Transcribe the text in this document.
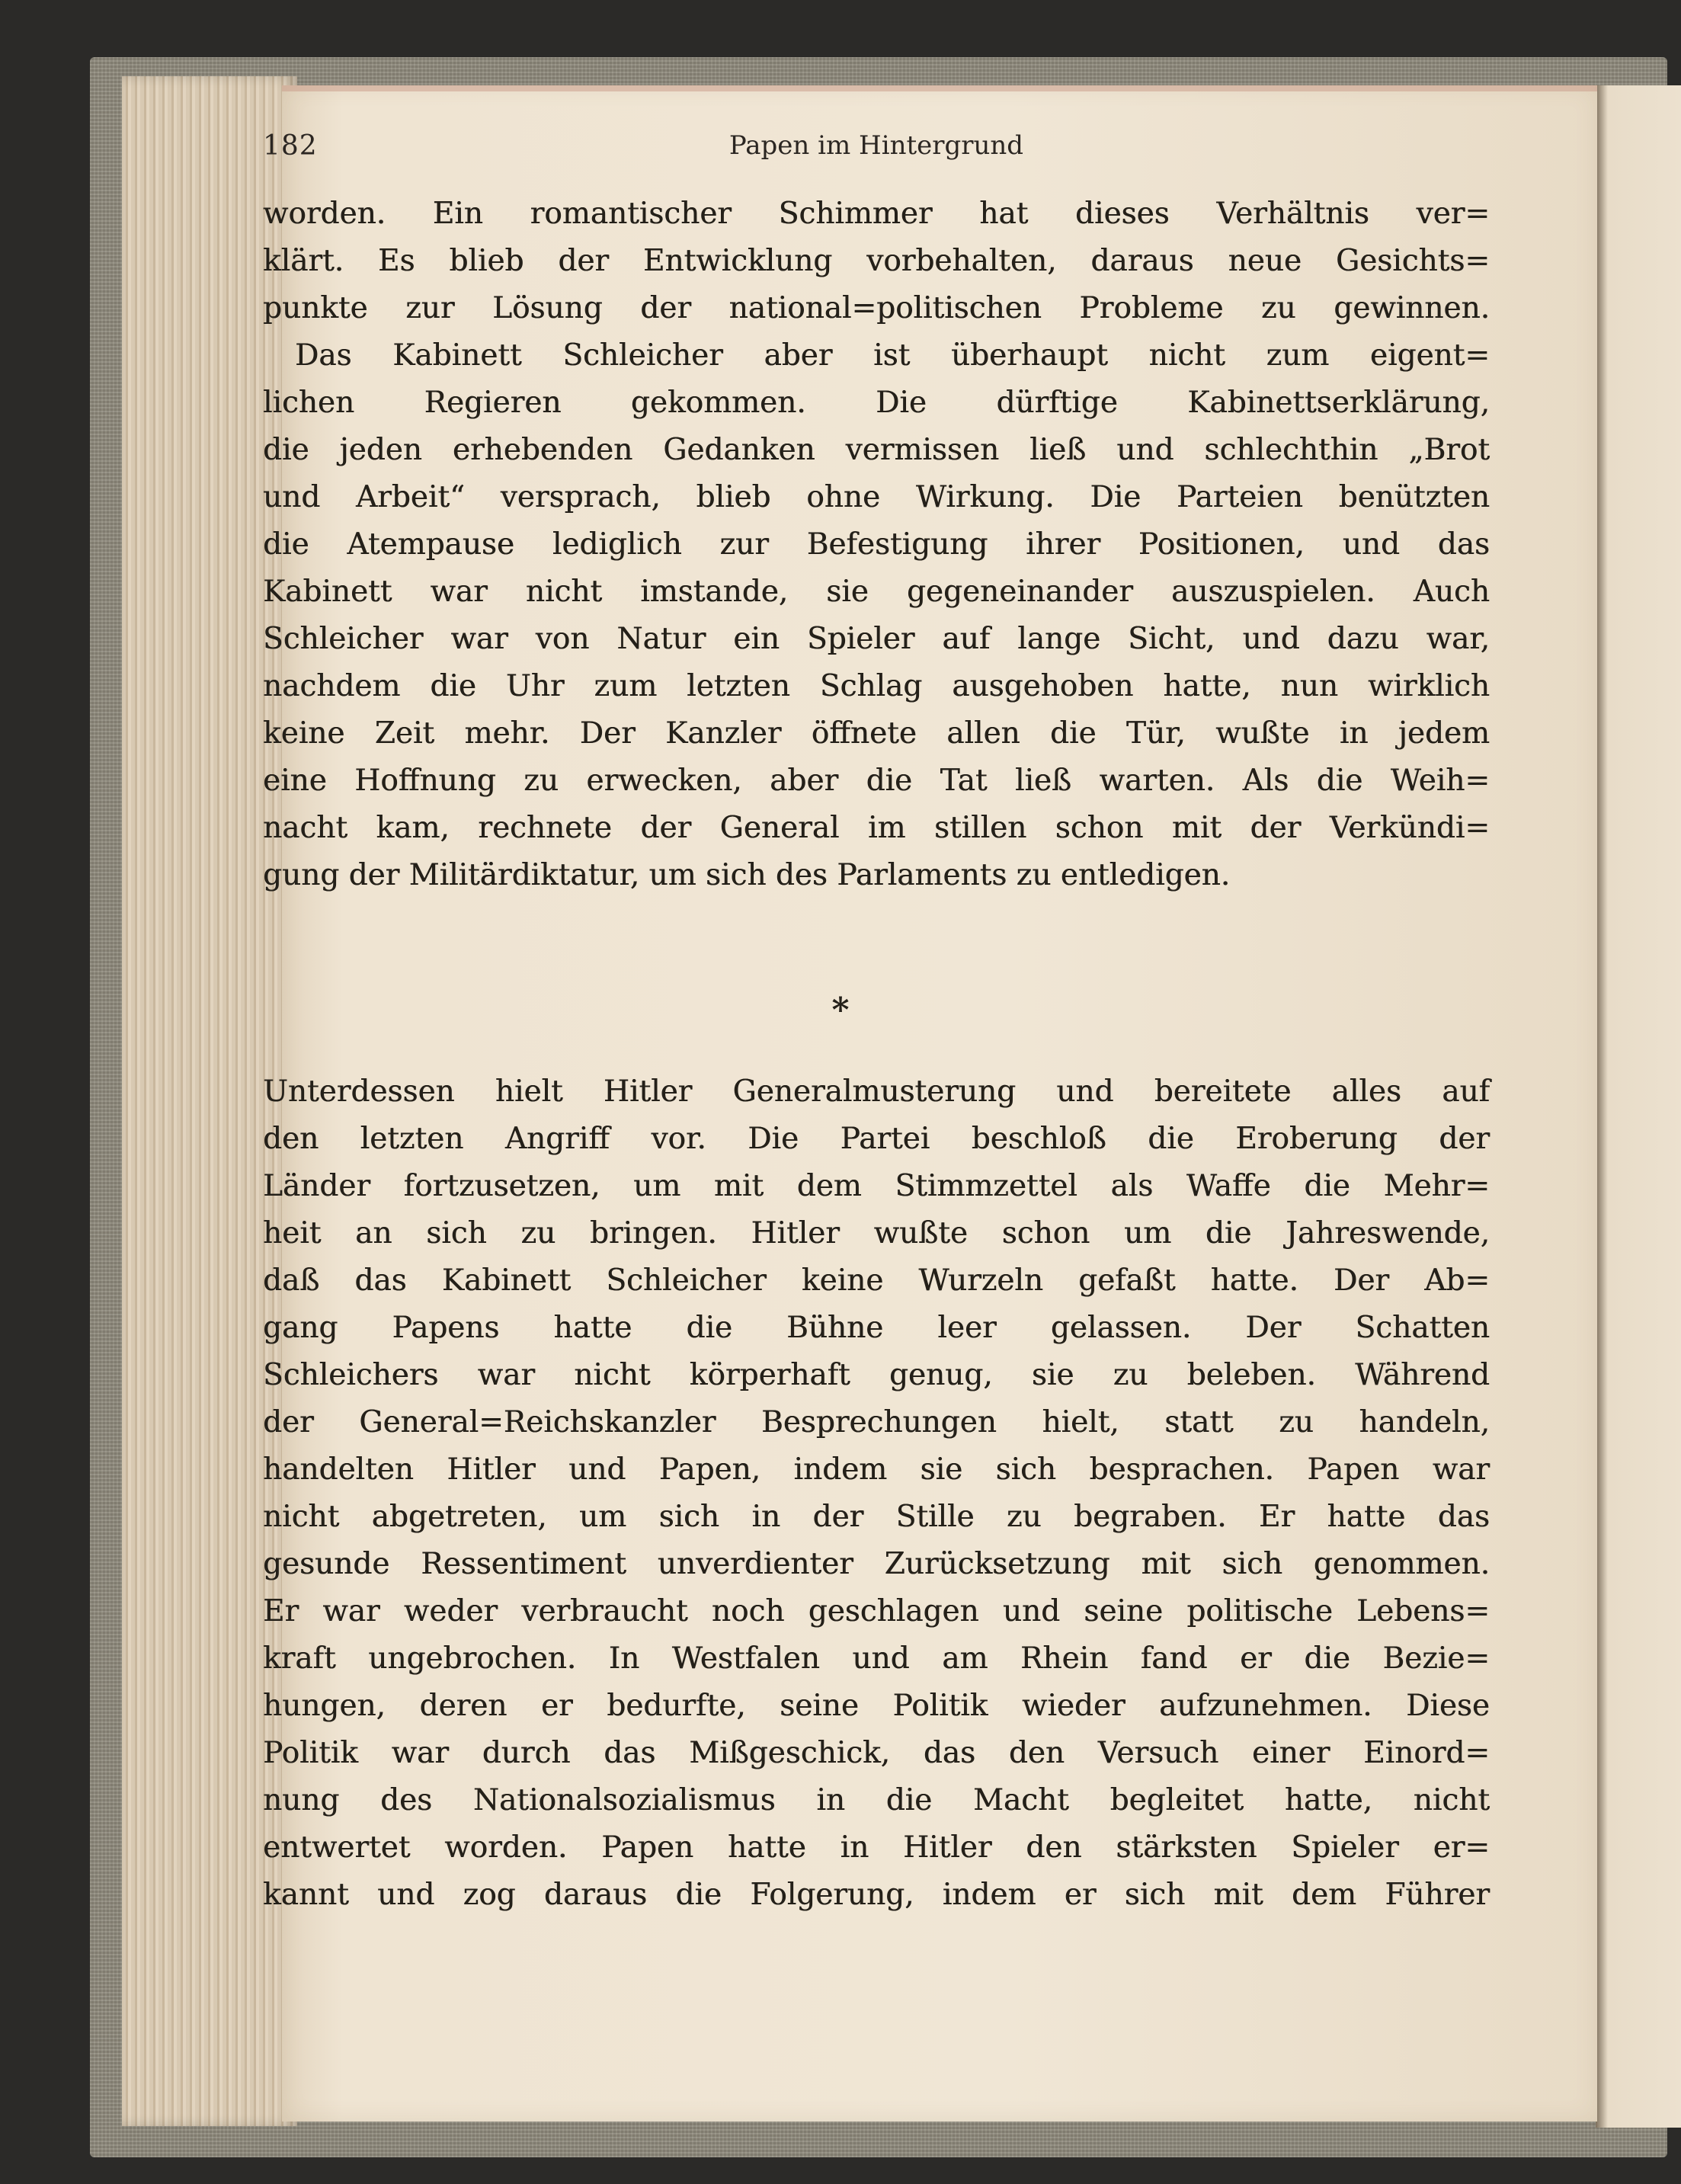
182	Papen im Hintergrund
worden. Ein romantischer Schimmer hat dieses Verhältnis ver=
klärt. Es blieb der Entwicklung vorbehalten, daraus neue Gesichts=
punkte zur Lösung der national=politischen Probleme zu gewinnen.
Das Kabinett Schleicher aber ist überhaupt nicht zum eigent=
lichen Regieren gekommen. Die dürftige Kabinettserklärung,
die jeden erhebenden Gedanken vermissen ließ und schlechthin „Brot
und Arbeit“ versprach, blieb ohne Wirkung. Die Parteien benützten
die Atempause lediglich zur Befestigung ihrer Positionen, und das
Kabinett war nicht imstande, sie gegeneinander auszuspielen. Auch
Schleicher war von Natur ein Spieler auf lange Sicht, und dazu war,
nachdem die Uhr zum letzten Schlag ausgehoben hatte, nun wirklich
keine Zeit mehr. Der Kanzler öffnete allen die Tür, wußte in jedem
eine Hoffnung zu erwecken, aber die Tat ließ warten. Als die Weih=
nacht kam, rechnete der General im stillen schon mit der Verkündi=
gung der Militärdiktatur, um sich des Parlaments zu entledigen.
*
Unterdessen hielt Hitler Generalmusterung und bereitete alles auf
den letzten Angriff vor. Die Partei beschloß die Eroberung der
Länder fortzusetzen, um mit dem Stimmzettel als Waffe die Mehr=
heit an sich zu bringen. Hitler wußte schon um die Jahreswende,
daß das Kabinett Schleicher keine Wurzeln gefaßt hatte. Der Ab=
gang Papens hatte die Bühne leer gelassen. Der Schatten
Schleichers war nicht körperhaft genug, sie zu beleben. Während
der General=Reichskanzler Besprechungen hielt, statt zu handeln,
handelten Hitler und Papen, indem sie sich besprachen. Papen war
nicht abgetreten, um sich in der Stille zu begraben. Er hatte das
gesunde Ressentiment unverdienter Zurücksetzung mit sich genommen.
Er war weder verbraucht noch geschlagen und seine politische Lebens=
kraft ungebrochen. In Westfalen und am Rhein fand er die Bezie=
hungen, deren er bedurfte, seine Politik wieder aufzunehmen. Diese
Politik war durch das Mißgeschick, das den Versuch einer Einord=
nung des Nationalsozialismus in die Macht begleitet hatte, nicht
entwertet worden. Papen hatte in Hitler den stärksten Spieler er=
kannt und zog daraus die Folgerung, indem er sich mit dem Führer
